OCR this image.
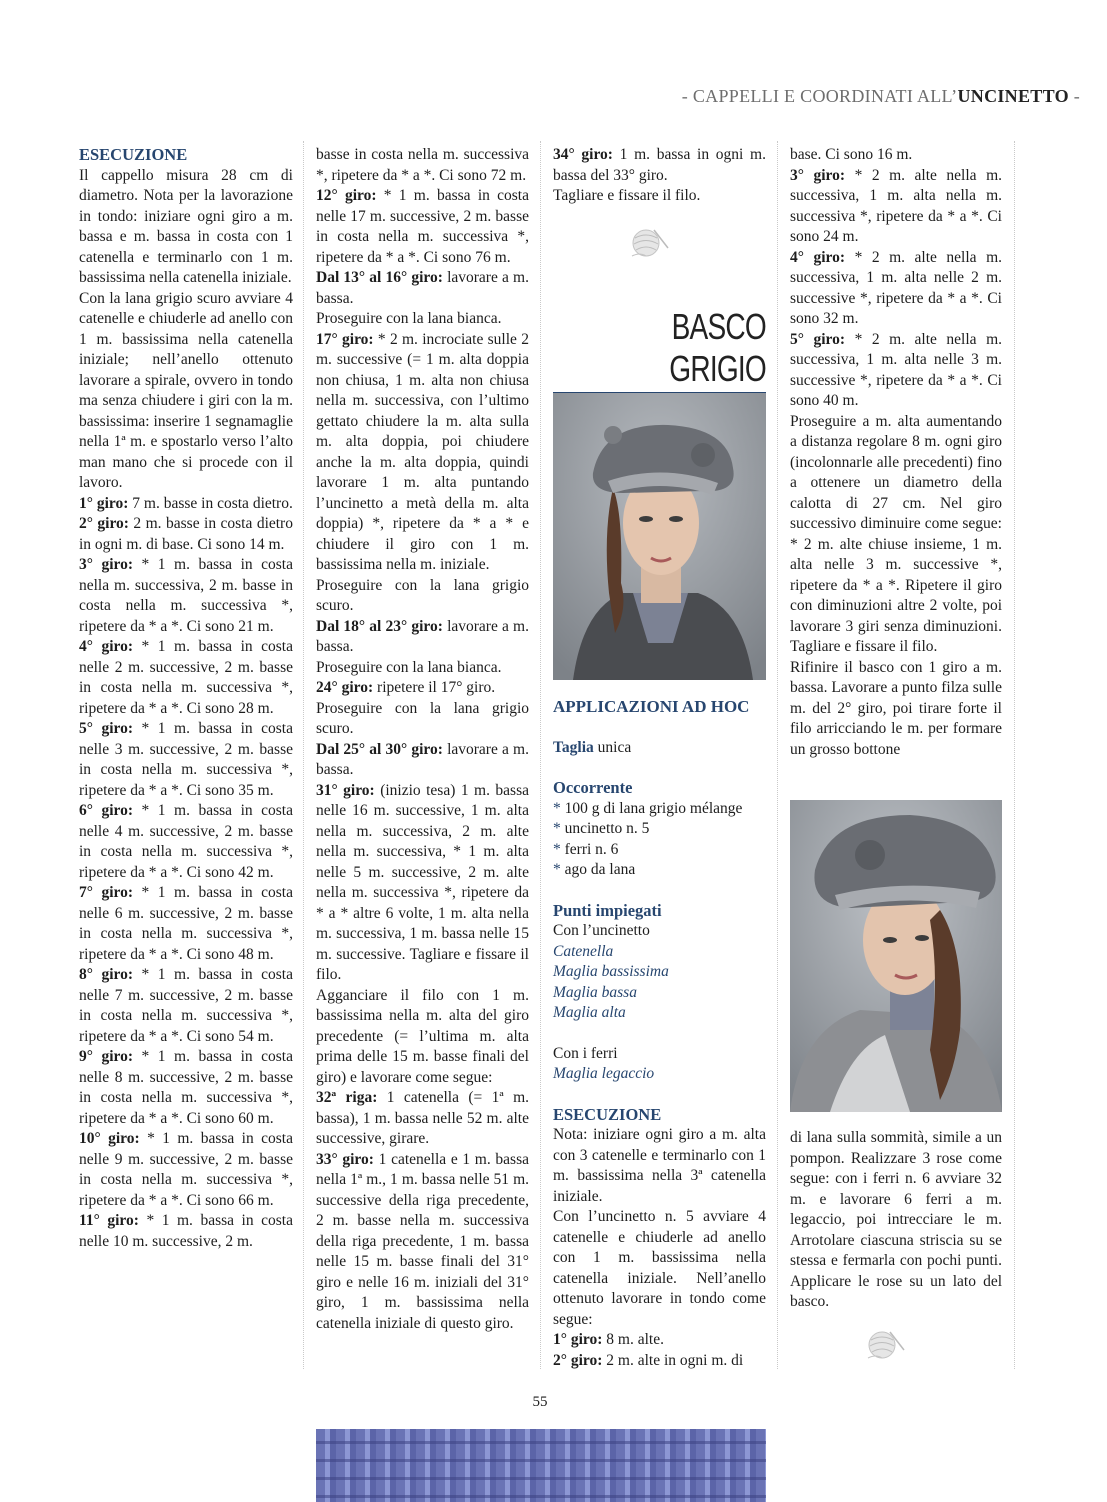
- CAPPELLI E COORDINATI ALL’UNCINETTO -

ESECUZIONE

Il cappello misura 28 cm di diametro. Nota per la lavorazione in tondo: iniziare ogni giro a m. bassa e m. bassa in costa con 1 catenella e terminarlo con 1 m. bassissima nella catenella iniziale.

Con la lana grigio scuro avviare 4 catenelle e chiuderle ad anello con 1 m. bassissima nella catenella iniziale; nell’anello ottenuto lavorare a spirale, ovvero in tondo ma senza chiudere i giri con la m. bassissima: inserire 1 segnamaglie nella 1ª m. e spostarlo verso l’alto man mano che si procede con il lavoro.

1° giro: 7 m. basse in costa dietro.

2° giro: 2 m. basse in costa dietro in ogni m. di base. Ci sono 14 m.

3° giro: * 1 m. bassa in costa nella m. successiva, 2 m. basse in costa nella m. successiva *, ripetere da * a *. Ci sono 21 m.

4° giro: * 1 m. bassa in costa nelle 2 m. successive, 2 m. basse in costa nella m. successiva *, ripetere da * a *. Ci sono 28 m.

5° giro: * 1 m. bassa in costa nelle 3 m. successive, 2 m. basse in costa nella m. successiva *, ripetere da * a *. Ci sono 35 m.

6° giro: * 1 m. bassa in costa nelle 4 m. successive, 2 m. basse in costa nella m. successiva *, ripetere da * a *. Ci sono 42 m.

7° giro: * 1 m. bassa in costa nelle 6 m. successive, 2 m. basse in costa nella m. successiva *, ripetere da * a *. Ci sono 48 m.

8° giro: * 1 m. bassa in costa nelle 7 m. successive, 2 m. basse in costa nella m. successiva *, ripetere da * a *. Ci sono 54 m.

9° giro: * 1 m. bassa in costa nelle 8 m. successive, 2 m. basse in costa nella m. successiva *, ripetere da * a *. Ci sono 60 m.

10° giro: * 1 m. bassa in costa nelle 9 m. successive, 2 m. basse in costa nella m. successiva *, ripetere da * a *. Ci sono 66 m.

11° giro: * 1 m. bassa in costa nelle 10 m. successive, 2 m.

basse in costa nella m. successiva *, ripetere da * a *. Ci sono 72 m.

12° giro: * 1 m. bassa in costa nelle 17 m. successive, 2 m. basse in costa nella m. successiva *, ripetere da * a *. Ci sono 76 m.

Dal 13° al 16° giro: lavorare a m. bassa.

Proseguire con la lana bianca.

17° giro: * 2 m. incrociate sulle 2 m. successive (= 1 m. alta doppia non chiusa, 1 m. alta non chiusa nella m. successiva, con l’ultimo gettato chiudere la m. alta sulla m. alta doppia, poi chiudere anche la m. alta doppia, quindi lavorare 1 m. alta puntando l’uncinetto a metà della m. alta doppia) *, ripetere da * a * e chiudere il giro con 1 m. bassissima nella m. iniziale.

Proseguire con la lana grigio scuro.

Dal 18° al 23° giro: lavorare a m. bassa.

Proseguire con la lana bianca.

24° giro: ripetere il 17° giro.

Proseguire con la lana grigio scuro.

Dal 25° al 30° giro: lavorare a m. bassa.

31° giro: (inizio tesa) 1 m. bassa nelle 16 m. successive, 1 m. alta nella m. successiva, 2 m. alte nella m. successiva, * 1 m. alta nelle 5 m. successive, 2 m. alte nella m. successiva *, ripetere da * a * altre 6 volte, 1 m. alta nella m. successiva, 1 m. bassa nelle 15 m. successive. Tagliare e fissare il filo.

Agganciare il filo con 1 m. bassissima nella m. alta del giro precedente (= l’ultima m. alta prima delle 15 m. basse finali del giro) e lavorare come segue:

32ª riga: 1 catenella (= 1ª m. bassa), 1 m. bassa nelle 52 m. alte successive, girare.

33° giro: 1 catenella e 1 m. bassa nella 1ª m., 1 m. bassa nelle 51 m. successive della riga precedente, 2 m. basse nella m. successiva della riga precedente, 1 m. bassa nelle 15 m. basse finali del 31° giro e nelle 16 m. iniziali del 31° giro, 1 m. bassissima nella catenella iniziale di questo giro.

34° giro: 1 m. bassa in ogni m. bassa del 33° giro.

Tagliare e fissare il filo.

BASCO GRIGIO

APPLICAZIONI AD HOC

Taglia unica

Occorrente

* 100 g di lana grigio mélange

* uncinetto n. 5

* ferri n. 6

* ago da lana

Punti impiegati

Con l’uncinetto

Catenella

Maglia bassissima

Maglia bassa

Maglia alta

Con i ferri

Maglia legaccio

ESECUZIONE

Nota: iniziare ogni giro a m. alta con 3 catenelle e terminarlo con 1 m. bassissima nella 3ª catenella iniziale.

Con l’uncinetto n. 5 avviare 4 catenelle e chiuderle ad anello con 1 m. bassissima nella catenella iniziale. Nell’anello ottenuto lavorare in tondo come segue:

1° giro: 8 m. alte.

2° giro: 2 m. alte in ogni m. di

base. Ci sono 16 m.

3° giro: * 2 m. alte nella m. successiva, 1 m. alta nella m. successiva *, ripetere da * a *. Ci sono 24 m.

4° giro: * 2 m. alte nella m. successiva, 1 m. alta nelle 2 m. successive *, ripetere da * a *. Ci sono 32 m.

5° giro: * 2 m. alte nella m. successiva, 1 m. alta nelle 3 m. successive *, ripetere da * a *. Ci sono 40 m.

Proseguire a m. alta aumentando a distanza regolare 8 m. ogni giro (incolonnarle alle precedenti) fino a ottenere un diametro della calotta di 27 cm. Nel giro successivo diminuire come segue: * 2 m. alte chiuse insieme, 1 m. alta nelle 3 m. successive *, ripetere da * a *. Ripetere il giro con diminuzioni altre 2 volte, poi lavorare 3 giri senza diminuzioni. Tagliare e fissare il filo.

Rifinire il basco con 1 giro a m. bassa. Lavorare a punto filza sulle m. del 2° giro, poi tirare forte il filo arricciando le m. per formare un grosso bottone

di lana sulla sommità, simile a un pompon. Realizzare 3 rose come segue: con i ferri n. 6 avviare 32 m. e lavorare 6 ferri a m. legaccio, poi intrecciare le m. Arrotolare ciascuna striscia su se stessa e fermarla con pochi punti. Applicare le rose su un lato del basco.

55
